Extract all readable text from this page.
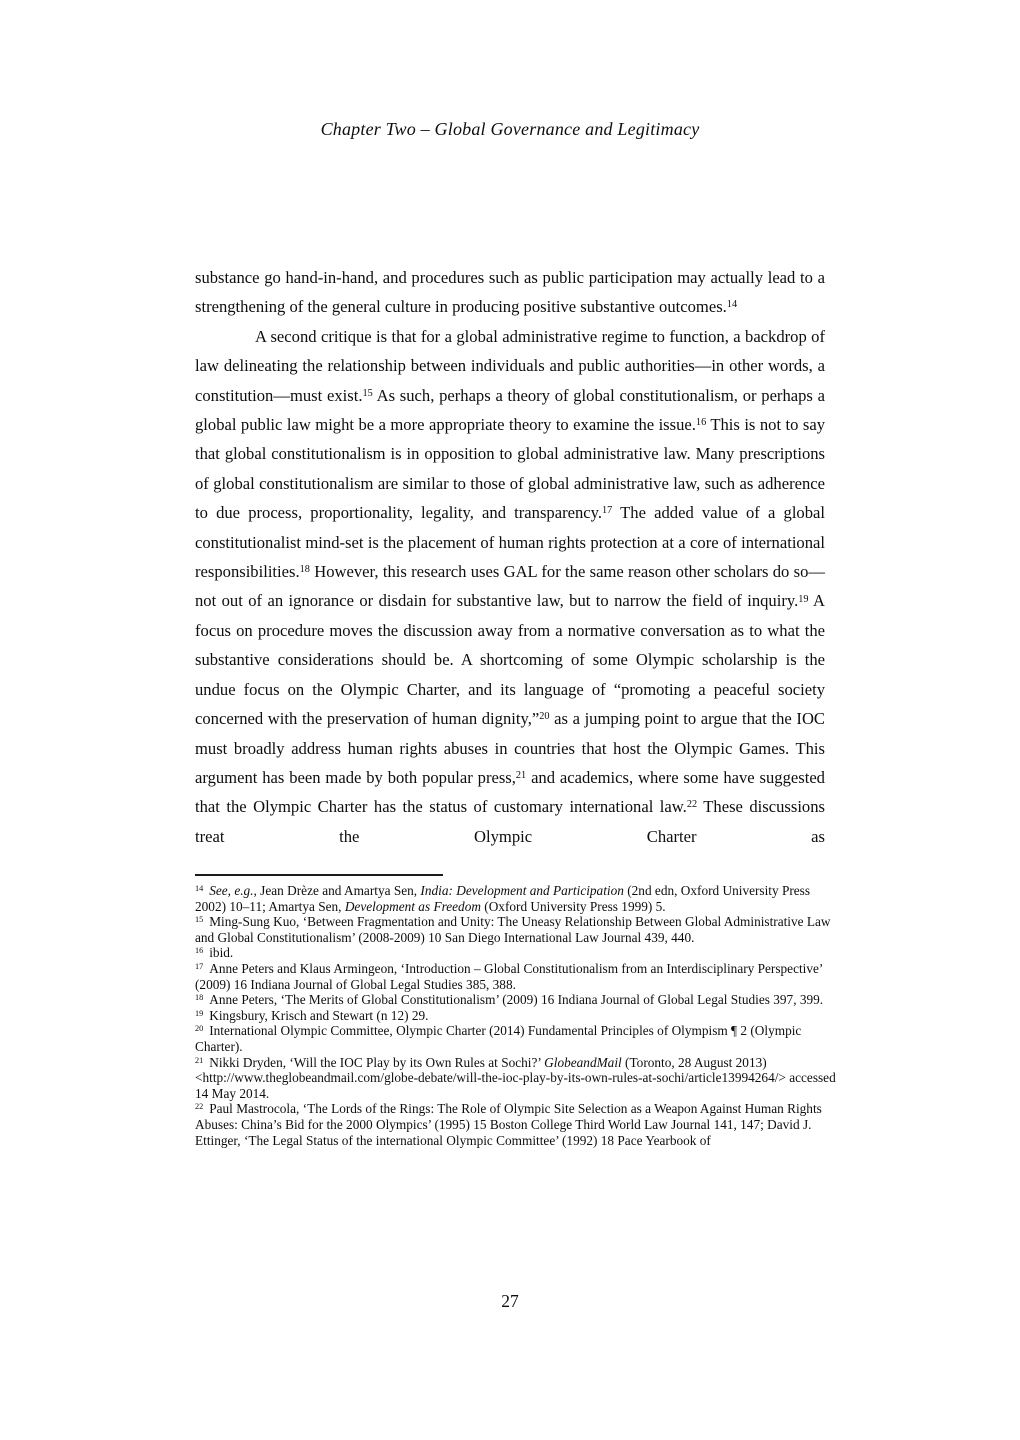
Chapter Two – Global Governance and Legitimacy

substance go hand-in-hand, and procedures such as public participation may actually lead to a strengthening of the general culture in producing positive substantive outcomes.$^{14}$

A second critique is that for a global administrative regime to function, a backdrop of law delineating the relationship between individuals and public authorities—in other words, a constitution—must exist.$^{15}$ As such, perhaps a theory of global constitutionalism, or perhaps a global public law might be a more appropriate theory to examine the issue.$^{16}$ This is not to say that global constitutionalism is in opposition to global administrative law. Many prescriptions of global constitutionalism are similar to those of global administrative law, such as adherence to due process, proportionality, legality, and transparency.$^{17}$ The added value of a global constitutionalist mind-set is the placement of human rights protection at a core of international responsibilities.$^{18}$ However, this research uses GAL for the same reason other scholars do so—not out of an ignorance or disdain for substantive law, but to narrow the field of inquiry.$^{19}$ A focus on procedure moves the discussion away from a normative conversation as to what the substantive considerations should be. A shortcoming of some Olympic scholarship is the undue focus on the Olympic Charter, and its language of “promoting a peaceful society concerned with the preservation of human dignity,”$^{20}$ as a jumping point to argue that the IOC must broadly address human rights abuses in countries that host the Olympic Games. This argument has been made by both popular press,$^{21}$ and academics, where some have suggested that the Olympic Charter has the status of customary international law.$^{22}$ These discussions treat the Olympic Charter as

$^{14}$ See, e.g., Jean Drèze and Amartya Sen, India: Development and Participation (2nd edn, Oxford University Press 2002) 10–11; Amartya Sen, Development as Freedom (Oxford University Press 1999) 5.
$^{15}$ Ming-Sung Kuo, ‘Between Fragmentation and Unity: The Uneasy Relationship Between Global Administrative Law and Global Constitutionalism’ (2008-2009) 10 San Diego International Law Journal 439, 440.
$^{16}$ ibid.
$^{17}$ Anne Peters and Klaus Armingeon, ‘Introduction – Global Constitutionalism from an Interdisciplinary Perspective’ (2009) 16 Indiana Journal of Global Legal Studies 385, 388.
$^{18}$ Anne Peters, ‘The Merits of Global Constitutionalism’ (2009) 16 Indiana Journal of Global Legal Studies 397, 399.
$^{19}$ Kingsbury, Krisch and Stewart (n 12) 29.
$^{20}$ International Olympic Committee, Olympic Charter (2014) Fundamental Principles of Olympism ¶ 2 (Olympic Charter).
$^{21}$ Nikki Dryden, ‘Will the IOC Play by its Own Rules at Sochi?’ GlobeandMail (Toronto, 28 August 2013) <http://www.theglobeandmail.com/globe-debate/will-the-ioc-play-by-its-own-rules-at-sochi/article13994264/> accessed 14 May 2014.
$^{22}$ Paul Mastrocola, ‘The Lords of the Rings: The Role of Olympic Site Selection as a Weapon Against Human Rights Abuses: China’s Bid for the 2000 Olympics’ (1995) 15 Boston College Third World Law Journal 141, 147; David J. Ettinger, ‘The Legal Status of the international Olympic Committee’ (1992) 18 Pace Yearbook of
27
